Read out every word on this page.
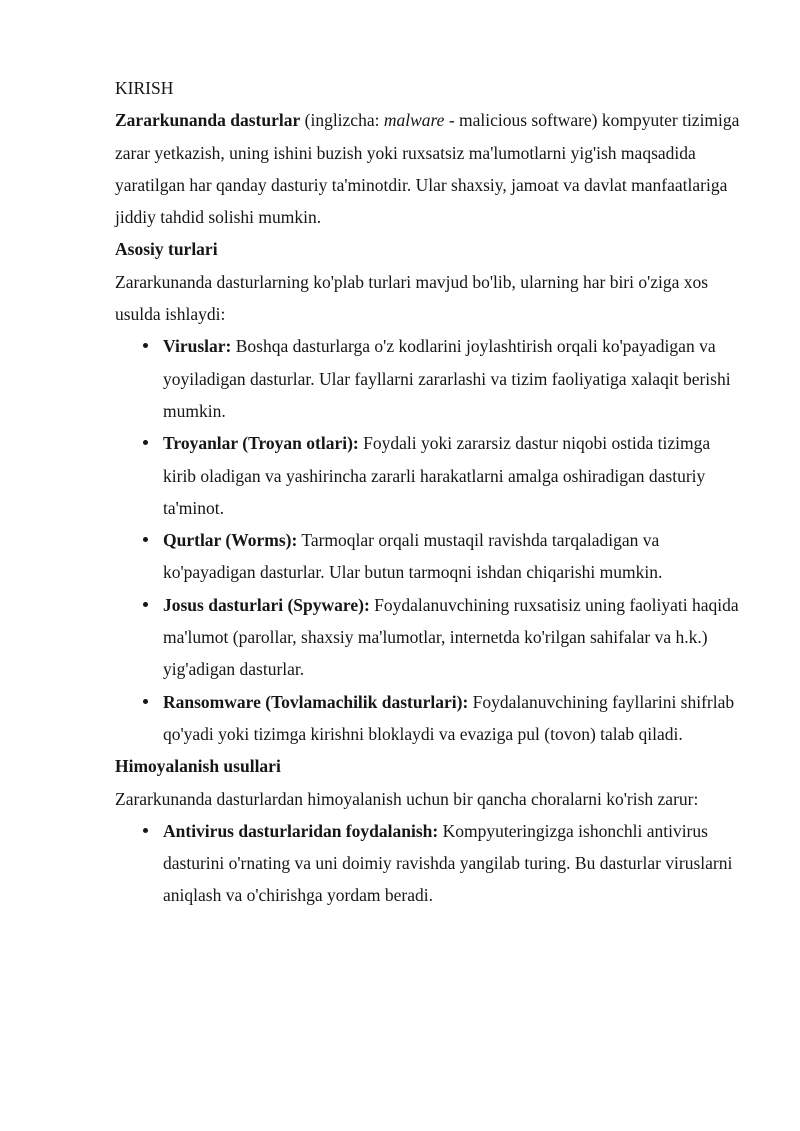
KIRISH

Zararkunanda dasturlar (inglizcha: malware - malicious software) kompyuter tizimiga zarar yetkazish, uning ishini buzish yoki ruxsatsiz ma'lumotlarni yig'ish maqsadida yaratilgan har qanday dasturiy ta'minotdir. Ular shaxsiy, jamoat va davlat manfaatlariga jiddiy tahdid solishi mumkin.

Asosiy turlari

Zararkunanda dasturlarning ko'plab turlari mavjud bo'lib, ularning har biri o'ziga xos usulda ishlaydi:

Viruslar: Boshqa dasturlarga o'z kodlarini joylashtirish orqali ko'payadigan va yoyiladigan dasturlar. Ular fayllarni zararlashi va tizim faoliyatiga xalaqit berishi mumkin.
Troyanlar (Troyan otlari): Foydali yoki zararsiz dastur niqobi ostida tizimga kirib oladigan va yashirincha zararli harakatlarni amalga oshiradigan dasturiy ta'minot.
Qurtlar (Worms): Tarmoqlar orqali mustaqil ravishda tarqaladigan va ko'payadigan dasturlar. Ular butun tarmoqni ishdan chiqarishi mumkin.
Josus dasturlari (Spyware): Foydalanuvchining ruxsatisiz uning faoliyati haqida ma'lumot (parollar, shaxsiy ma'lumotlar, internetda ko'rilgan sahifalar va h.k.) yig'adigan dasturlar.
Ransomware (Tovlamachilik dasturlari): Foydalanuvchining fayllarini shifrlab qo'yadi yoki tizimga kirishni bloklaydi va evaziga pul (tovon) talab qiladi.

Himoyalanish usullari

Zararkunanda dasturlardan himoyalanish uchun bir qancha choralarni ko'rish zarur:

Antivirus dasturlaridan foydalanish: Kompyuteringizga ishonchli antivirus dasturini o'rnating va uni doimiy ravishda yangilab turing. Bu dasturlar viruslarni aniqlash va o'chirishga yordam beradi.
